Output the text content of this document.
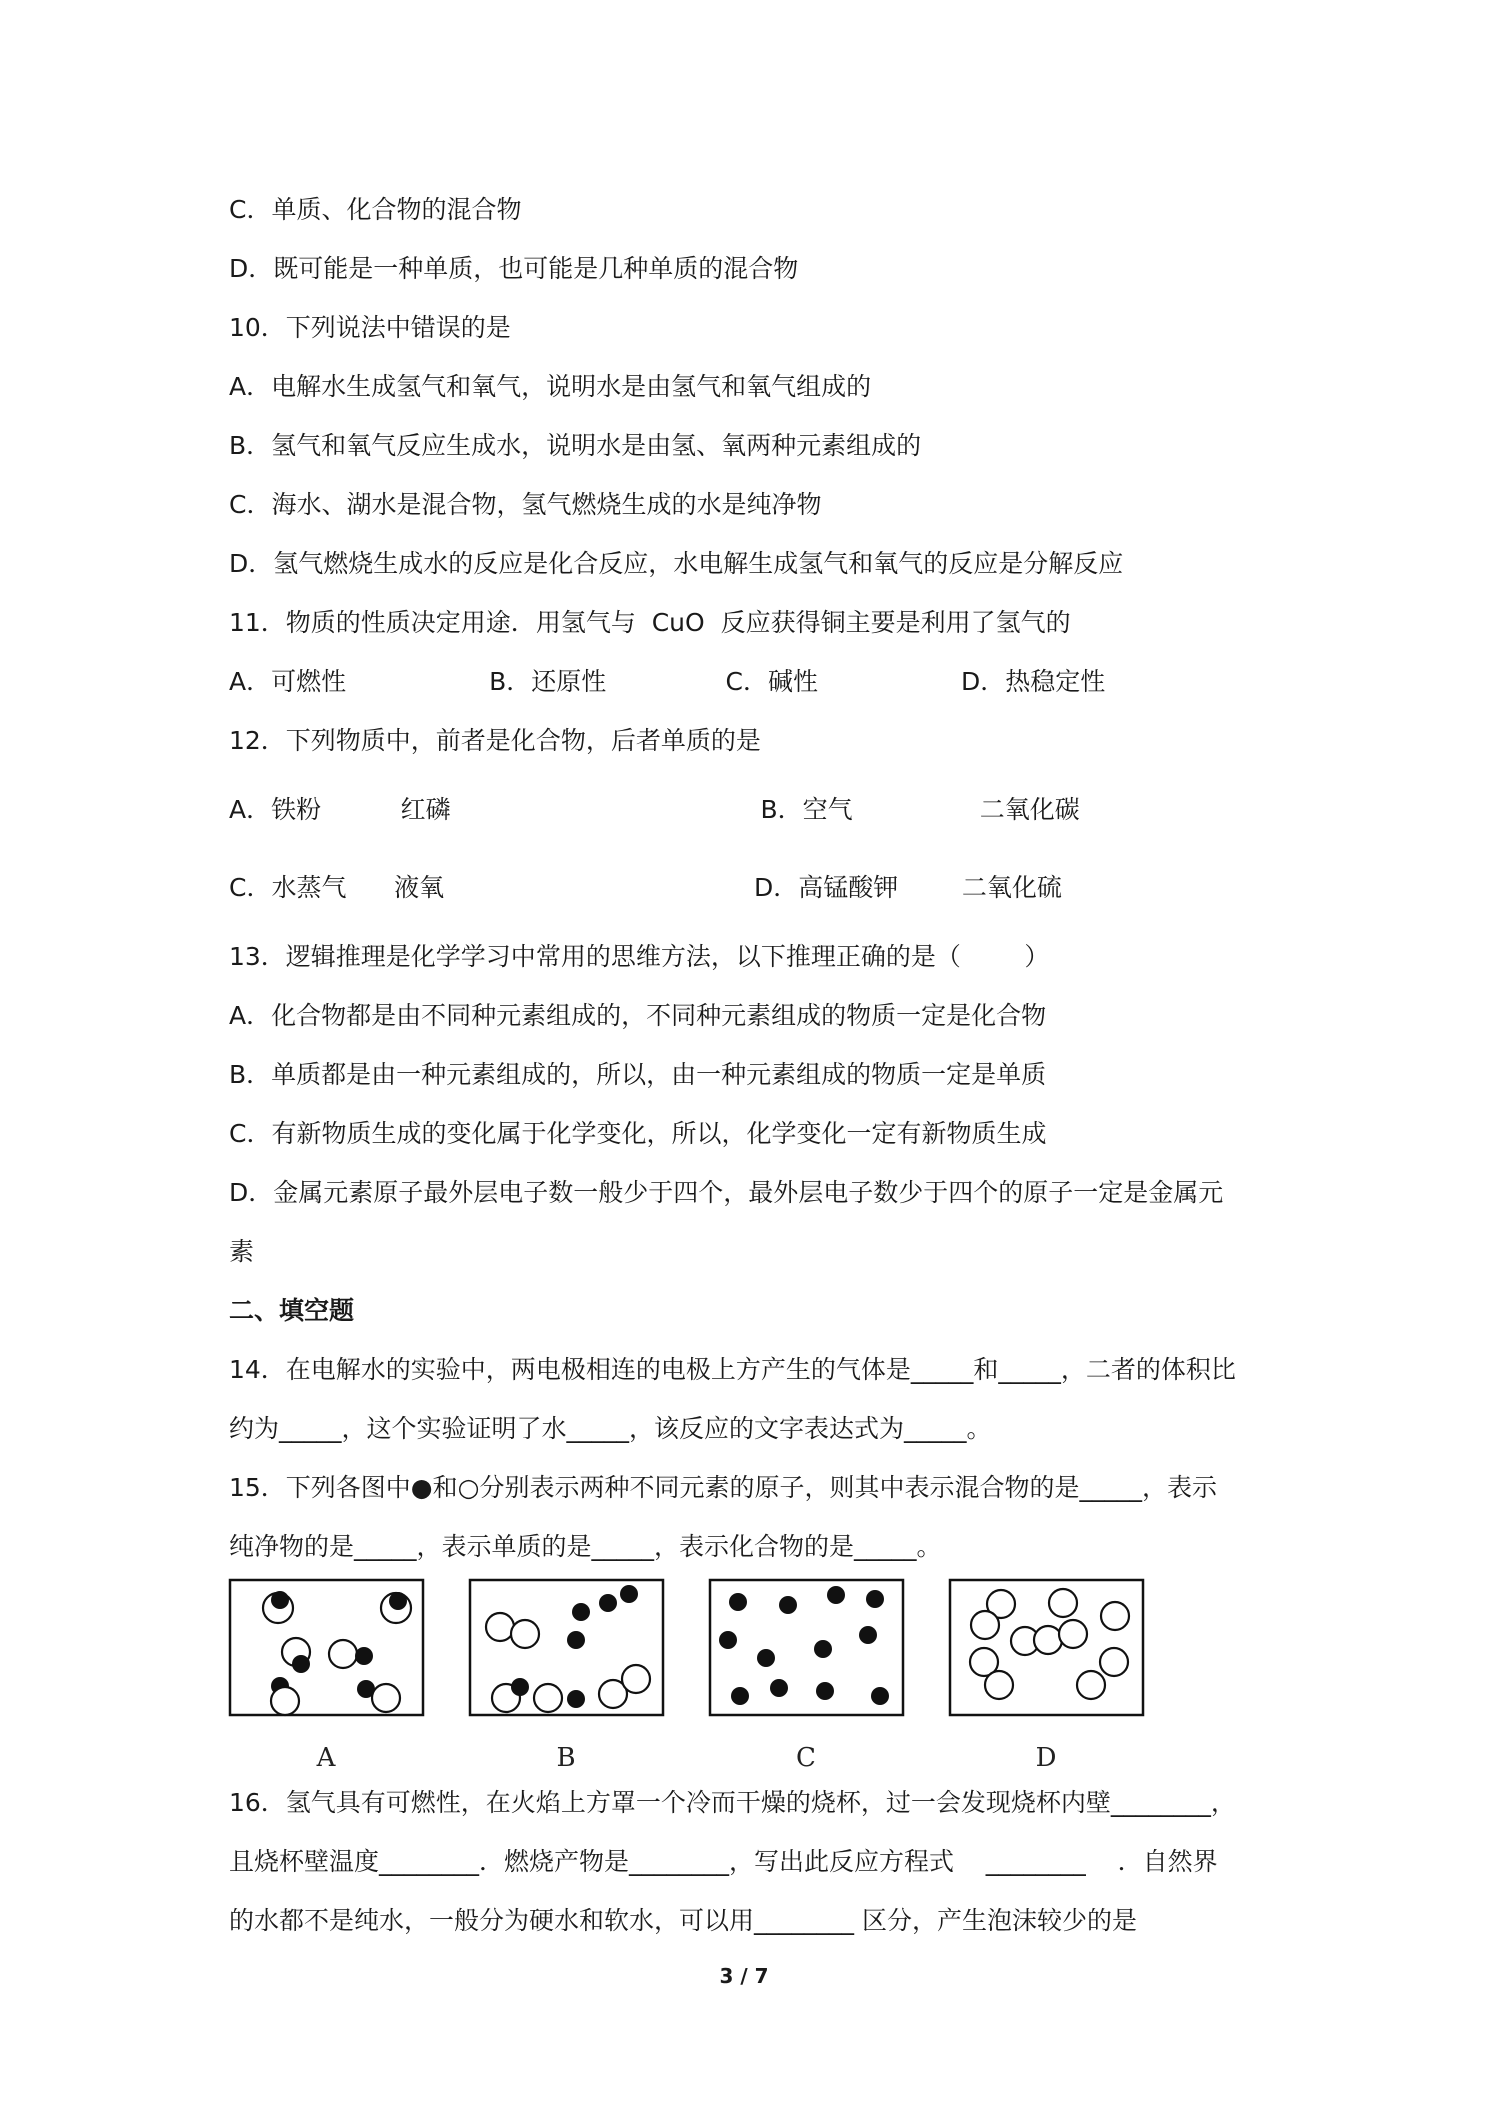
C．单质、化合物的混合物
D．既可能是一种单质，也可能是几种单质的混合物
10．下列说法中错误的是
A．电解水生成氢气和氧气，说明水是由氢气和氧气组成的
B．氢气和氧气反应生成水，说明水是由氢、氧两种元素组成的
C．海水、湖水是混合物，氢气燃烧生成的水是纯净物
D．氢气燃烧生成水的反应是化合反应，水电解生成氢气和氧气的反应是分解反应
11．物质的性质决定用途．用氢气与  CuO  反应获得铜主要是利用了氢气的
A．可燃性                  B．还原性               C．碱性                  D．热稳定性
12．下列物质中，前者是化合物，后者单质的是
A．铁粉          红磷                                       B．空气                二氧化碳
C．水蒸气      液氧                                       D．高锰酸钾        二氧化硫
13．逻辑推理是化学学习中常用的思维方法，以下推理正确的是（        ）
A．化合物都是由不同种元素组成的，不同种元素组成的物质一定是化合物
B．单质都是由一种元素组成的，所以，由一种元素组成的物质一定是单质
C．有新物质生成的变化属于化学变化，所以，化学变化一定有新物质生成
D．金属元素原子最外层电子数一般少于四个，最外层电子数少于四个的原子一定是金属元
素
二、填空题
14．在电解水的实验中，两电极相连的电极上方产生的气体是_____和_____，二者的体积比
约为_____，这个实验证明了水_____，该反应的文字表达式为_____。
15．下列各图中●和○分别表示两种不同元素的原子，则其中表示混合物的是_____，表示
纯净物的是_____，表示单质的是_____，表示化合物的是_____。
16．氢气具有可燃性，在火焰上方罩一个冷而干燥的烧杯，过一会发现烧杯内壁________，
且烧杯壁温度________．燃烧产物是________，写出此反应方程式    ________    ．自然界
的水都不是纯水，一般分为硬水和软水，可以用________ 区分，产生泡沫较少的是
A	B	C	D
3 / 7
